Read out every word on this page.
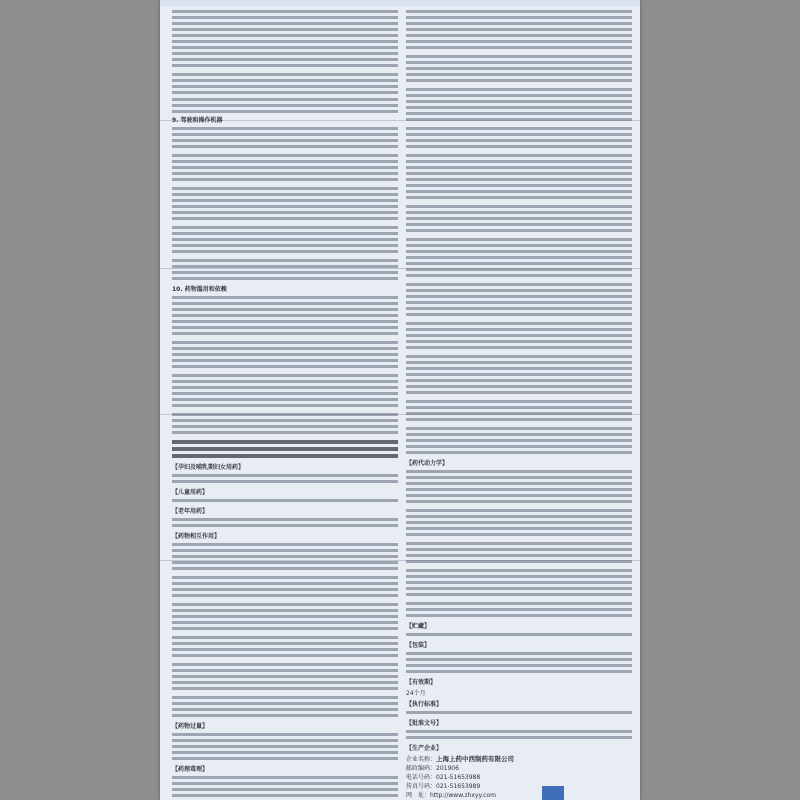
9. 驾驶和操作机器
10. 药物滥用和依赖
【孕妇及哺乳期妇女用药】
【儿童用药】
【老年用药】
【药物相互作用】
【药物过量】
【药理毒理】
【药代动力学】
【贮藏】
【包装】
【有效期】
24个月
【执行标准】
【批准文号】
【生产企业】
企业名称：上海上药中西制药有限公司
邮政编码：201906
电话号码：021-51653988
传真号码：021-51653989
网　址：http://www.zhxyy.com
